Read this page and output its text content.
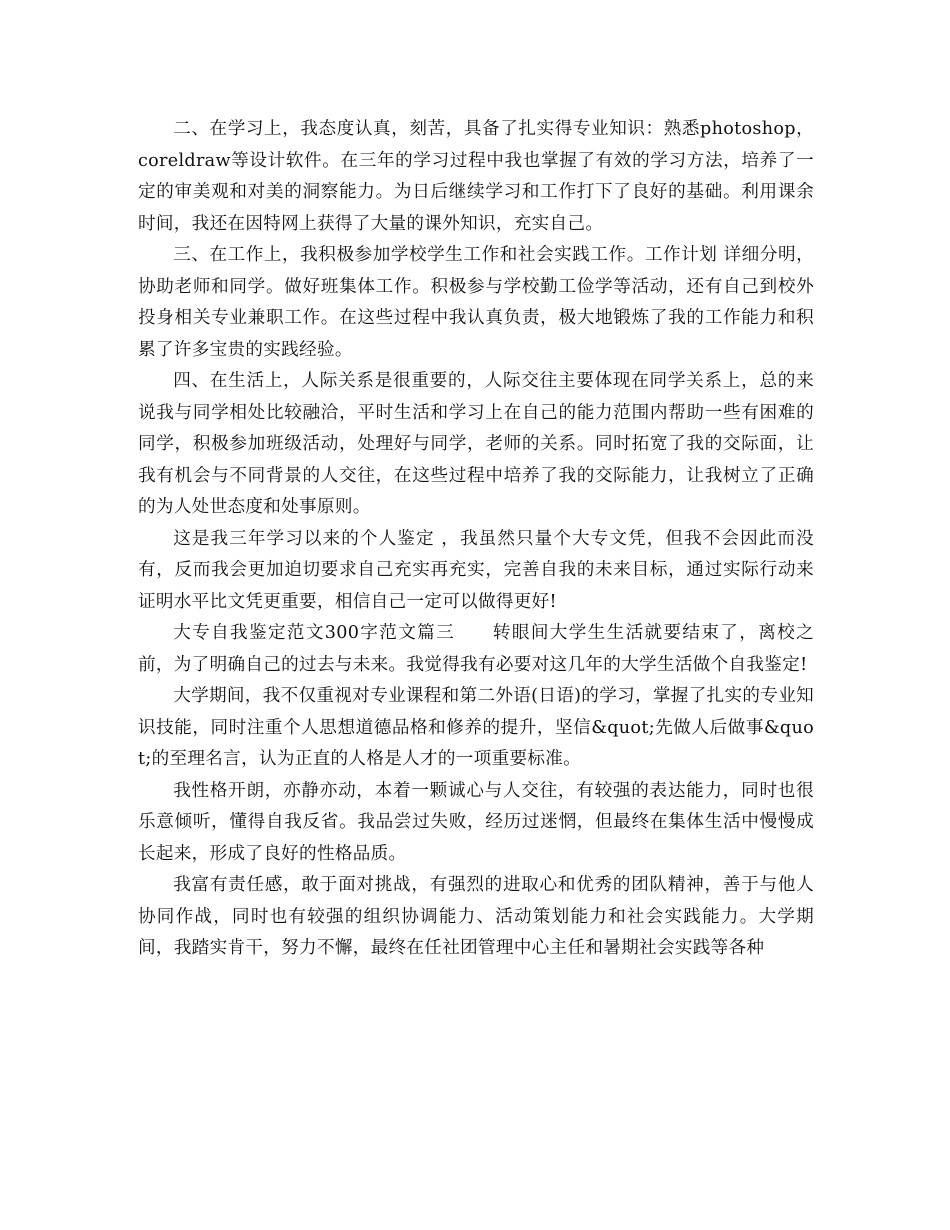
二、在学习上，我态度认真，刻苦，具备了扎实得专业知识：熟悉photoshop，coreldraw等设计软件。在三年的学习过程中我也掌握了有效的学习方法，培养了一定的审美观和对美的洞察能力。为日后继续学习和工作打下了良好的基础。利用课余时间，我还在因特网上获得了大量的课外知识，充实自己。

三、在工作上，我积极参加学校学生工作和社会实践工作。工作计划 详细分明，协助老师和同学。做好班集体工作。积极参与学校勤工俭学等活动，还有自己到校外投身相关专业兼职工作。在这些过程中我认真负责，极大地锻炼了我的工作能力和积累了许多宝贵的实践经验。

四、在生活上，人际关系是很重要的，人际交往主要体现在同学关系上，总的来说我与同学相处比较融洽，平时生活和学习上在自己的能力范围内帮助一些有困难的同学，积极参加班级活动，处理好与同学，老师的关系。同时拓宽了我的交际面，让我有机会与不同背景的人交往，在这些过程中培养了我的交际能力，让我树立了正确的为人处世态度和处事原则。

这是我三年学习以来的个人鉴定 ，我虽然只量个大专文凭，但我不会因此而没有，反而我会更加迫切要求自己充实再充实，完善自我的未来目标，通过实际行动来证明水平比文凭更重要，相信自己一定可以做得更好!

大专自我鉴定范文300字范文篇三　　转眼间大学生生活就要结束了，离校之前，为了明确自己的过去与未来。我觉得我有必要对这几年的大学生活做个自我鉴定!

大学期间，我不仅重视对专业课程和第二外语(日语)的学习，掌握了扎实的专业知识技能，同时注重个人思想道德品格和修养的提升，坚信&quot;先做人后做事&quot;的至理名言，认为正直的人格是人才的一项重要标准。

我性格开朗，亦静亦动，本着一颗诚心与人交往，有较强的表达能力，同时也很乐意倾听，懂得自我反省。我品尝过失败，经历过迷惘，但最终在集体生活中慢慢成长起来，形成了良好的性格品质。

我富有责任感，敢于面对挑战，有强烈的进取心和优秀的团队精神，善于与他人协同作战，同时也有较强的组织协调能力、活动策划能力和社会实践能力。大学期间，我踏实肯干，努力不懈，最终在任社团管理中心主任和暑期社会实践等各种
